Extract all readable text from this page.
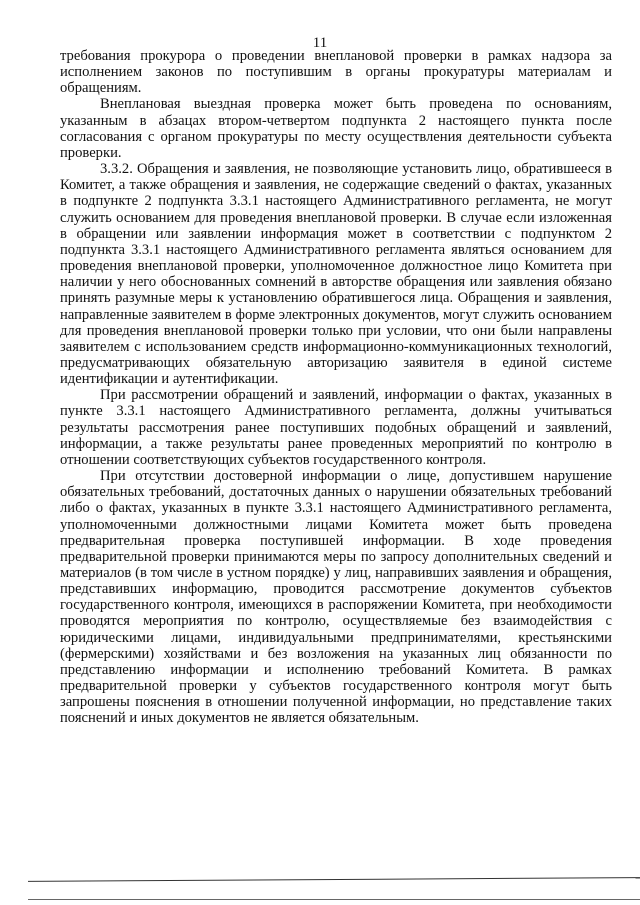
11

требования прокурора о проведении внеплановой проверки в рамках надзора за исполнением законов по поступившим в органы прокуратуры материалам и обращениям.

Внеплановая выездная проверка может быть проведена по основаниям, указанным в абзацах втором-четвертом подпункта 2 настоящего пункта после согласования с органом прокуратуры по месту осуществления деятельности субъекта проверки.

3.3.2. Обращения и заявления, не позволяющие установить лицо, обратившееся в Комитет, а также обращения и заявления, не содержащие сведений о фактах, указанных в подпункте 2 подпункта 3.3.1 настоящего Административного регламента, не могут служить основанием для проведения внеплановой проверки. В случае если изложенная в обращении или заявлении информация может в соответствии с подпунктом 2 подпункта 3.3.1 настоящего Административного регламента являться основанием для проведения внеплановой проверки, уполномоченное должностное лицо Комитета при наличии у него обоснованных сомнений в авторстве обращения или заявления обязано принять разумные меры к установлению обратившегося лица. Обращения и заявления, направленные заявителем в форме электронных документов, могут служить основанием для проведения внеплановой проверки только при условии, что они были направлены заявителем с использованием средств информационно-коммуникационных технологий, предусматривающих обязательную авторизацию заявителя в единой системе идентификации и аутентификации.

При рассмотрении обращений и заявлений, информации о фактах, указанных в пункте 3.3.1 настоящего Административного регламента, должны учитываться результаты рассмотрения ранее поступивших подобных обращений и заявлений, информации, а также результаты ранее проведенных мероприятий по контролю в отношении соответствующих субъектов государственного контроля.

При отсутствии достоверной информации о лице, допустившем нарушение обязательных требований, достаточных данных о нарушении обязательных требований либо о фактах, указанных в пункте 3.3.1 настоящего Административного регламента, уполномоченными должностными лицами Комитета может быть проведена предварительная проверка поступившей информации. В ходе проведения предварительной проверки принимаются меры по запросу дополнительных сведений и материалов (в том числе в устном порядке) у лиц, направивших заявления и обращения, представивших информацию, проводится рассмотрение документов субъектов государственного контроля, имеющихся в распоряжении Комитета, при необходимости проводятся мероприятия по контролю, осуществляемые без взаимодействия с юридическими лицами, индивидуальными предпринимателями, крестьянскими (фермерскими) хозяйствами и без возложения на указанных лиц обязанности по представлению информации и исполнению требований Комитета. В рамках предварительной проверки у субъектов государственного контроля могут быть запрошены пояснения в отношении полученной информации, но представление таких пояснений и иных документов не является обязательным.
